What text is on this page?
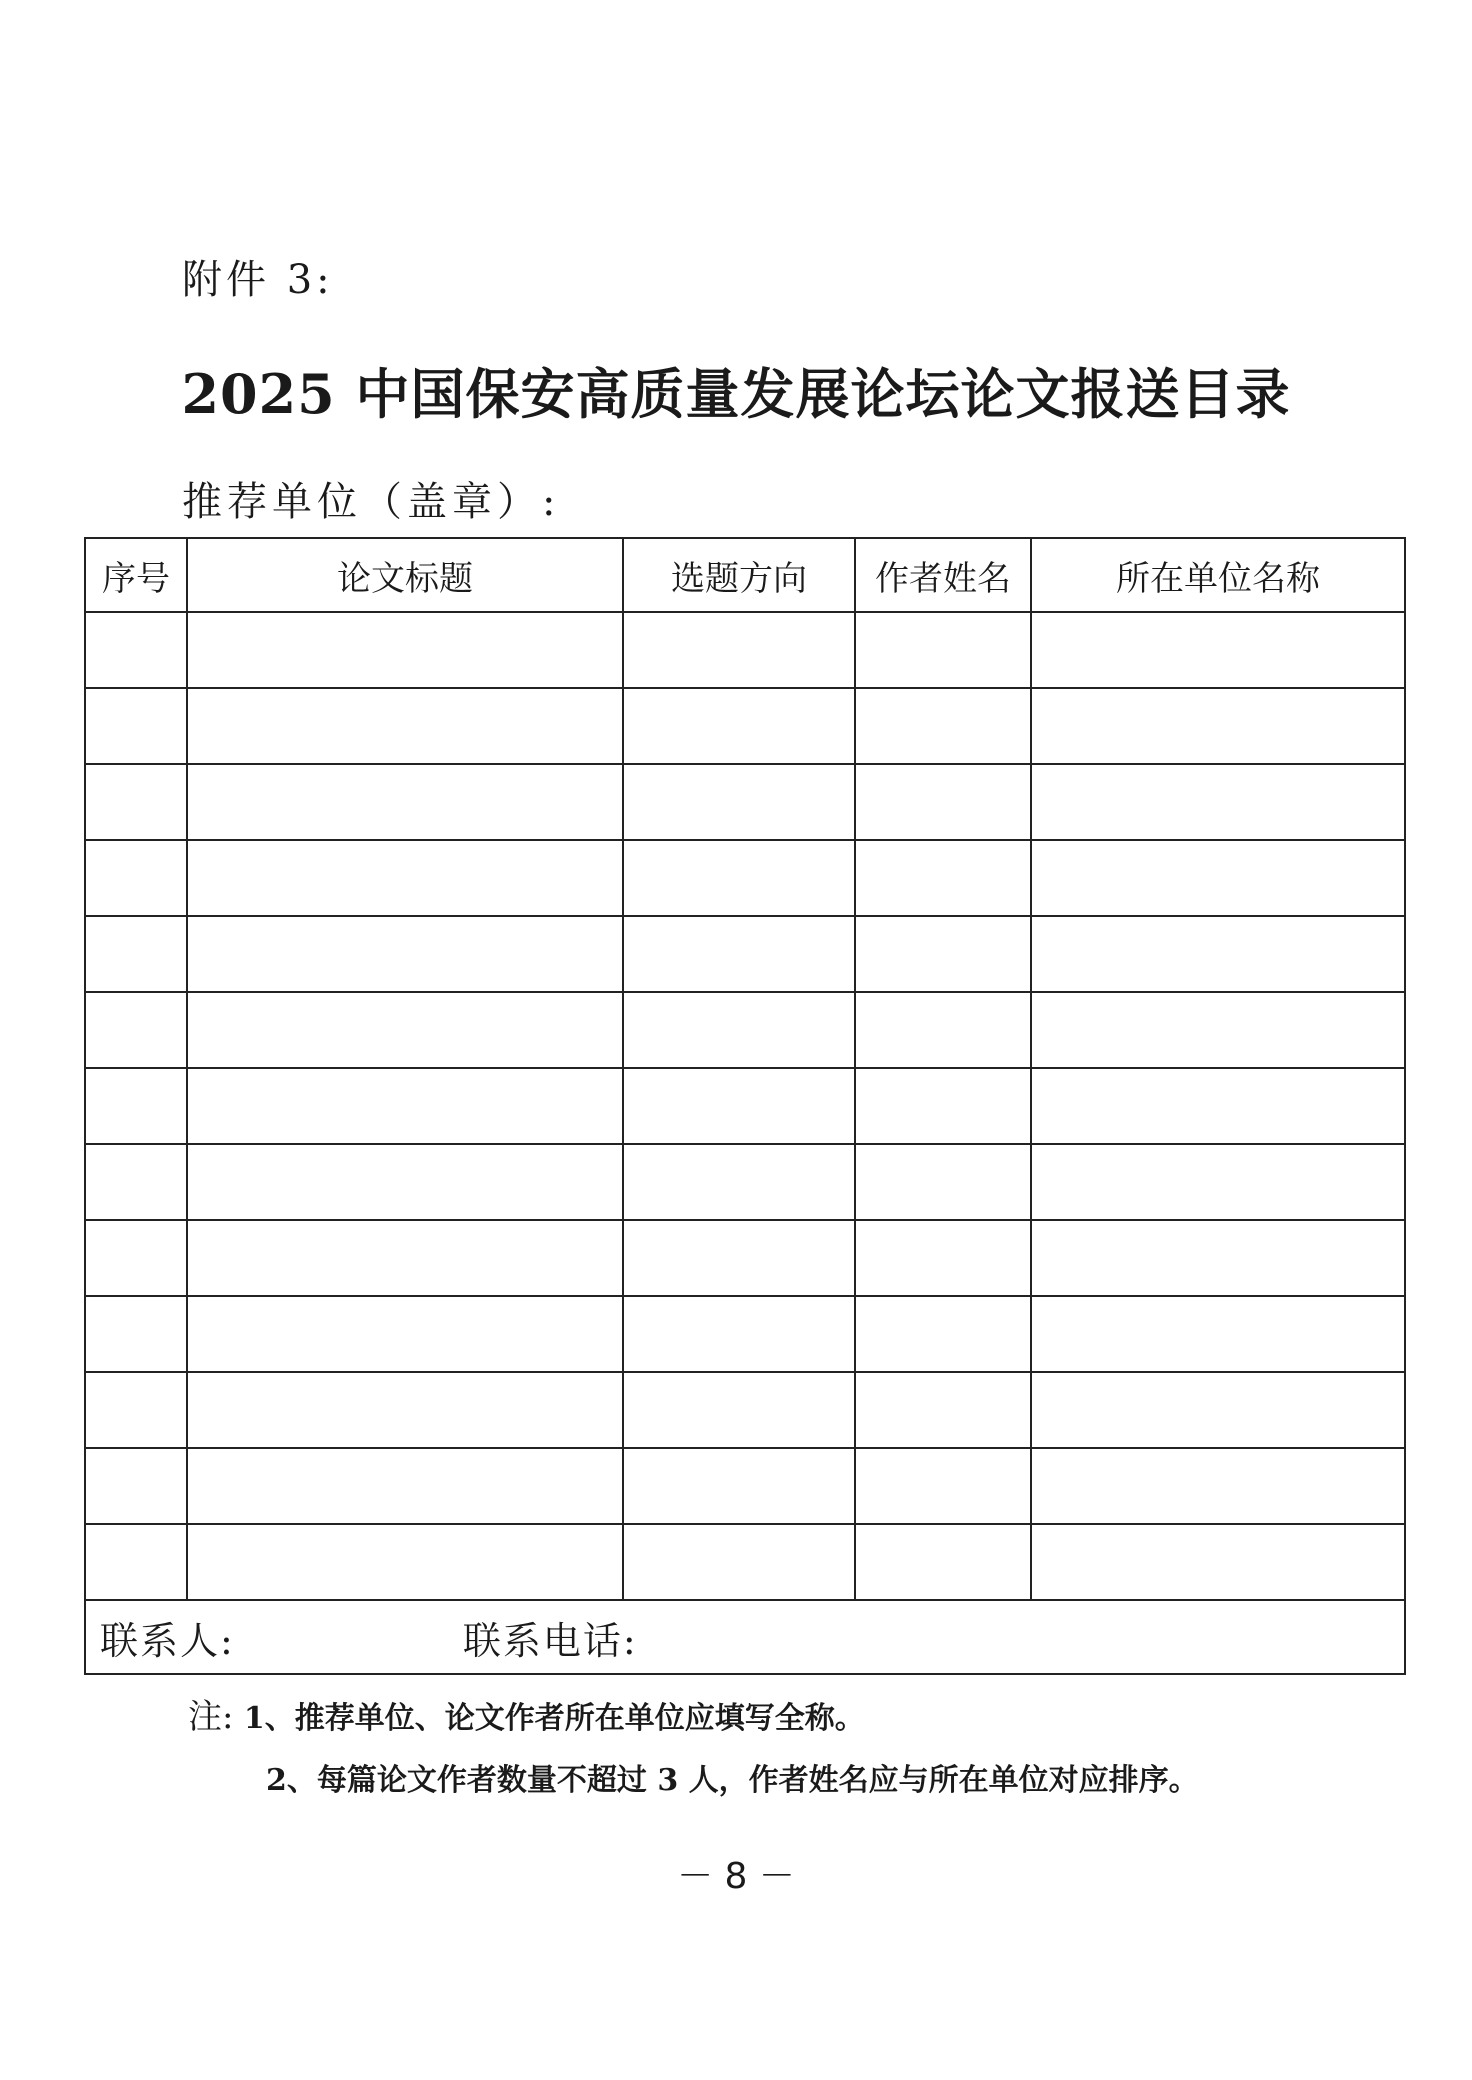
附件 3:
2025 中国保安高质量发展论坛论文报送目录
推荐单位（盖章）:
序号	论文标题	选题方向	作者姓名	所在单位名称

联系人: 联系电话:				
注: 1、推荐单位、论文作者所在单位应填写全称。
2、每篇论文作者数量不超过 3 人，作者姓名应与所在单位对应排序。
－ 8 －
